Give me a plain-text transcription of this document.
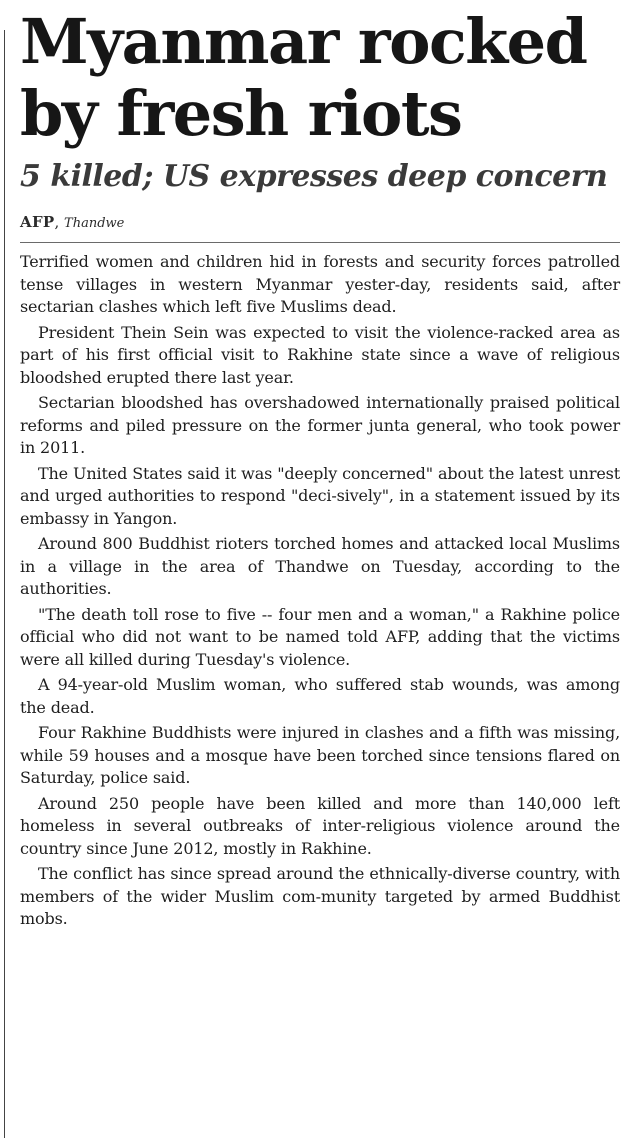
Myanmar rocked
by fresh riots
5 killed; US expresses deep concern
AFP, Thandwe

Terrified women and children hid in forests and security forces patrolled tense villages in western Myanmar yester-day, residents said, after sectarian clashes which left five Muslims dead.

President Thein Sein was expected to visit the violence-racked area as part of his first official visit to Rakhine state since a wave of religious bloodshed erupted there last year.

Sectarian bloodshed has overshadowed internationally praised political reforms and piled pressure on the former junta general, who took power in 2011.

The United States said it was "deeply concerned" about the latest unrest and urged authorities to respond "deci-sively", in a statement issued by its embassy in Yangon.

Around 800 Buddhist rioters torched homes and attacked local Muslims in a village in the area of Thandwe on Tuesday, according to the authorities.

"The death toll rose to five -- four men and a woman," a Rakhine police official who did not want to be named told AFP, adding that the victims were all killed during Tuesday's violence.

A 94-year-old Muslim woman, who suffered stab wounds, was among the dead.

Four Rakhine Buddhists were injured in clashes and a fifth was missing, while 59 houses and a mosque have been torched since tensions flared on Saturday, police said.

Around 250 people have been killed and more than 140,000 left homeless in several outbreaks of inter-religious violence around the country since June 2012, mostly in Rakhine.

The conflict has since spread around the ethnically-diverse country, with members of the wider Muslim com-munity targeted by armed Buddhist mobs.
